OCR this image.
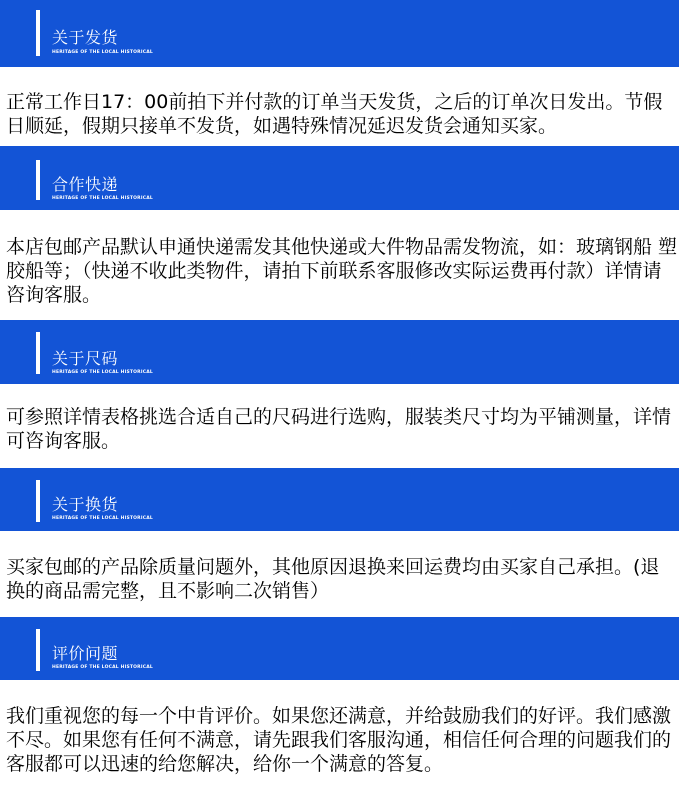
关于发货
HERITAGE OF THE LOCAL HISTORICAL

正常工作日17：00前拍下并付款的订单当天发货，之后的订单次日发出。节假日顺延，假期只接单不发货，如遇特殊情况延迟发货会通知买家。

合作快递
HERITAGE OF THE LOCAL HISTORICAL

本店包邮产品默认申通快递需发其他快递或大件物品需发物流，如：玻璃钢船 塑胶船等；（快递不收此类物件，请拍下前联系客服修改实际运费再付款）详情请咨询客服。

关于尺码
HERITAGE OF THE LOCAL HISTORICAL

可参照详情表格挑选合适自己的尺码进行选购，服装类尺寸均为平铺测量，详情可咨询客服。

关于换货
HERITAGE OF THE LOCAL HISTORICAL

买家包邮的产品除质量问题外，其他原因退换来回运费均由买家自己承担。(退换的商品需完整，且不影响二次销售）

评价问题
HERITAGE OF THE LOCAL HISTORICAL

我们重视您的每一个中肯评价。如果您还满意，并给鼓励我们的好评。我们感激不尽。如果您有任何不满意，请先跟我们客服沟通，相信任何合理的问题我们的客服都可以迅速的给您解决，给你一个满意的答复。
